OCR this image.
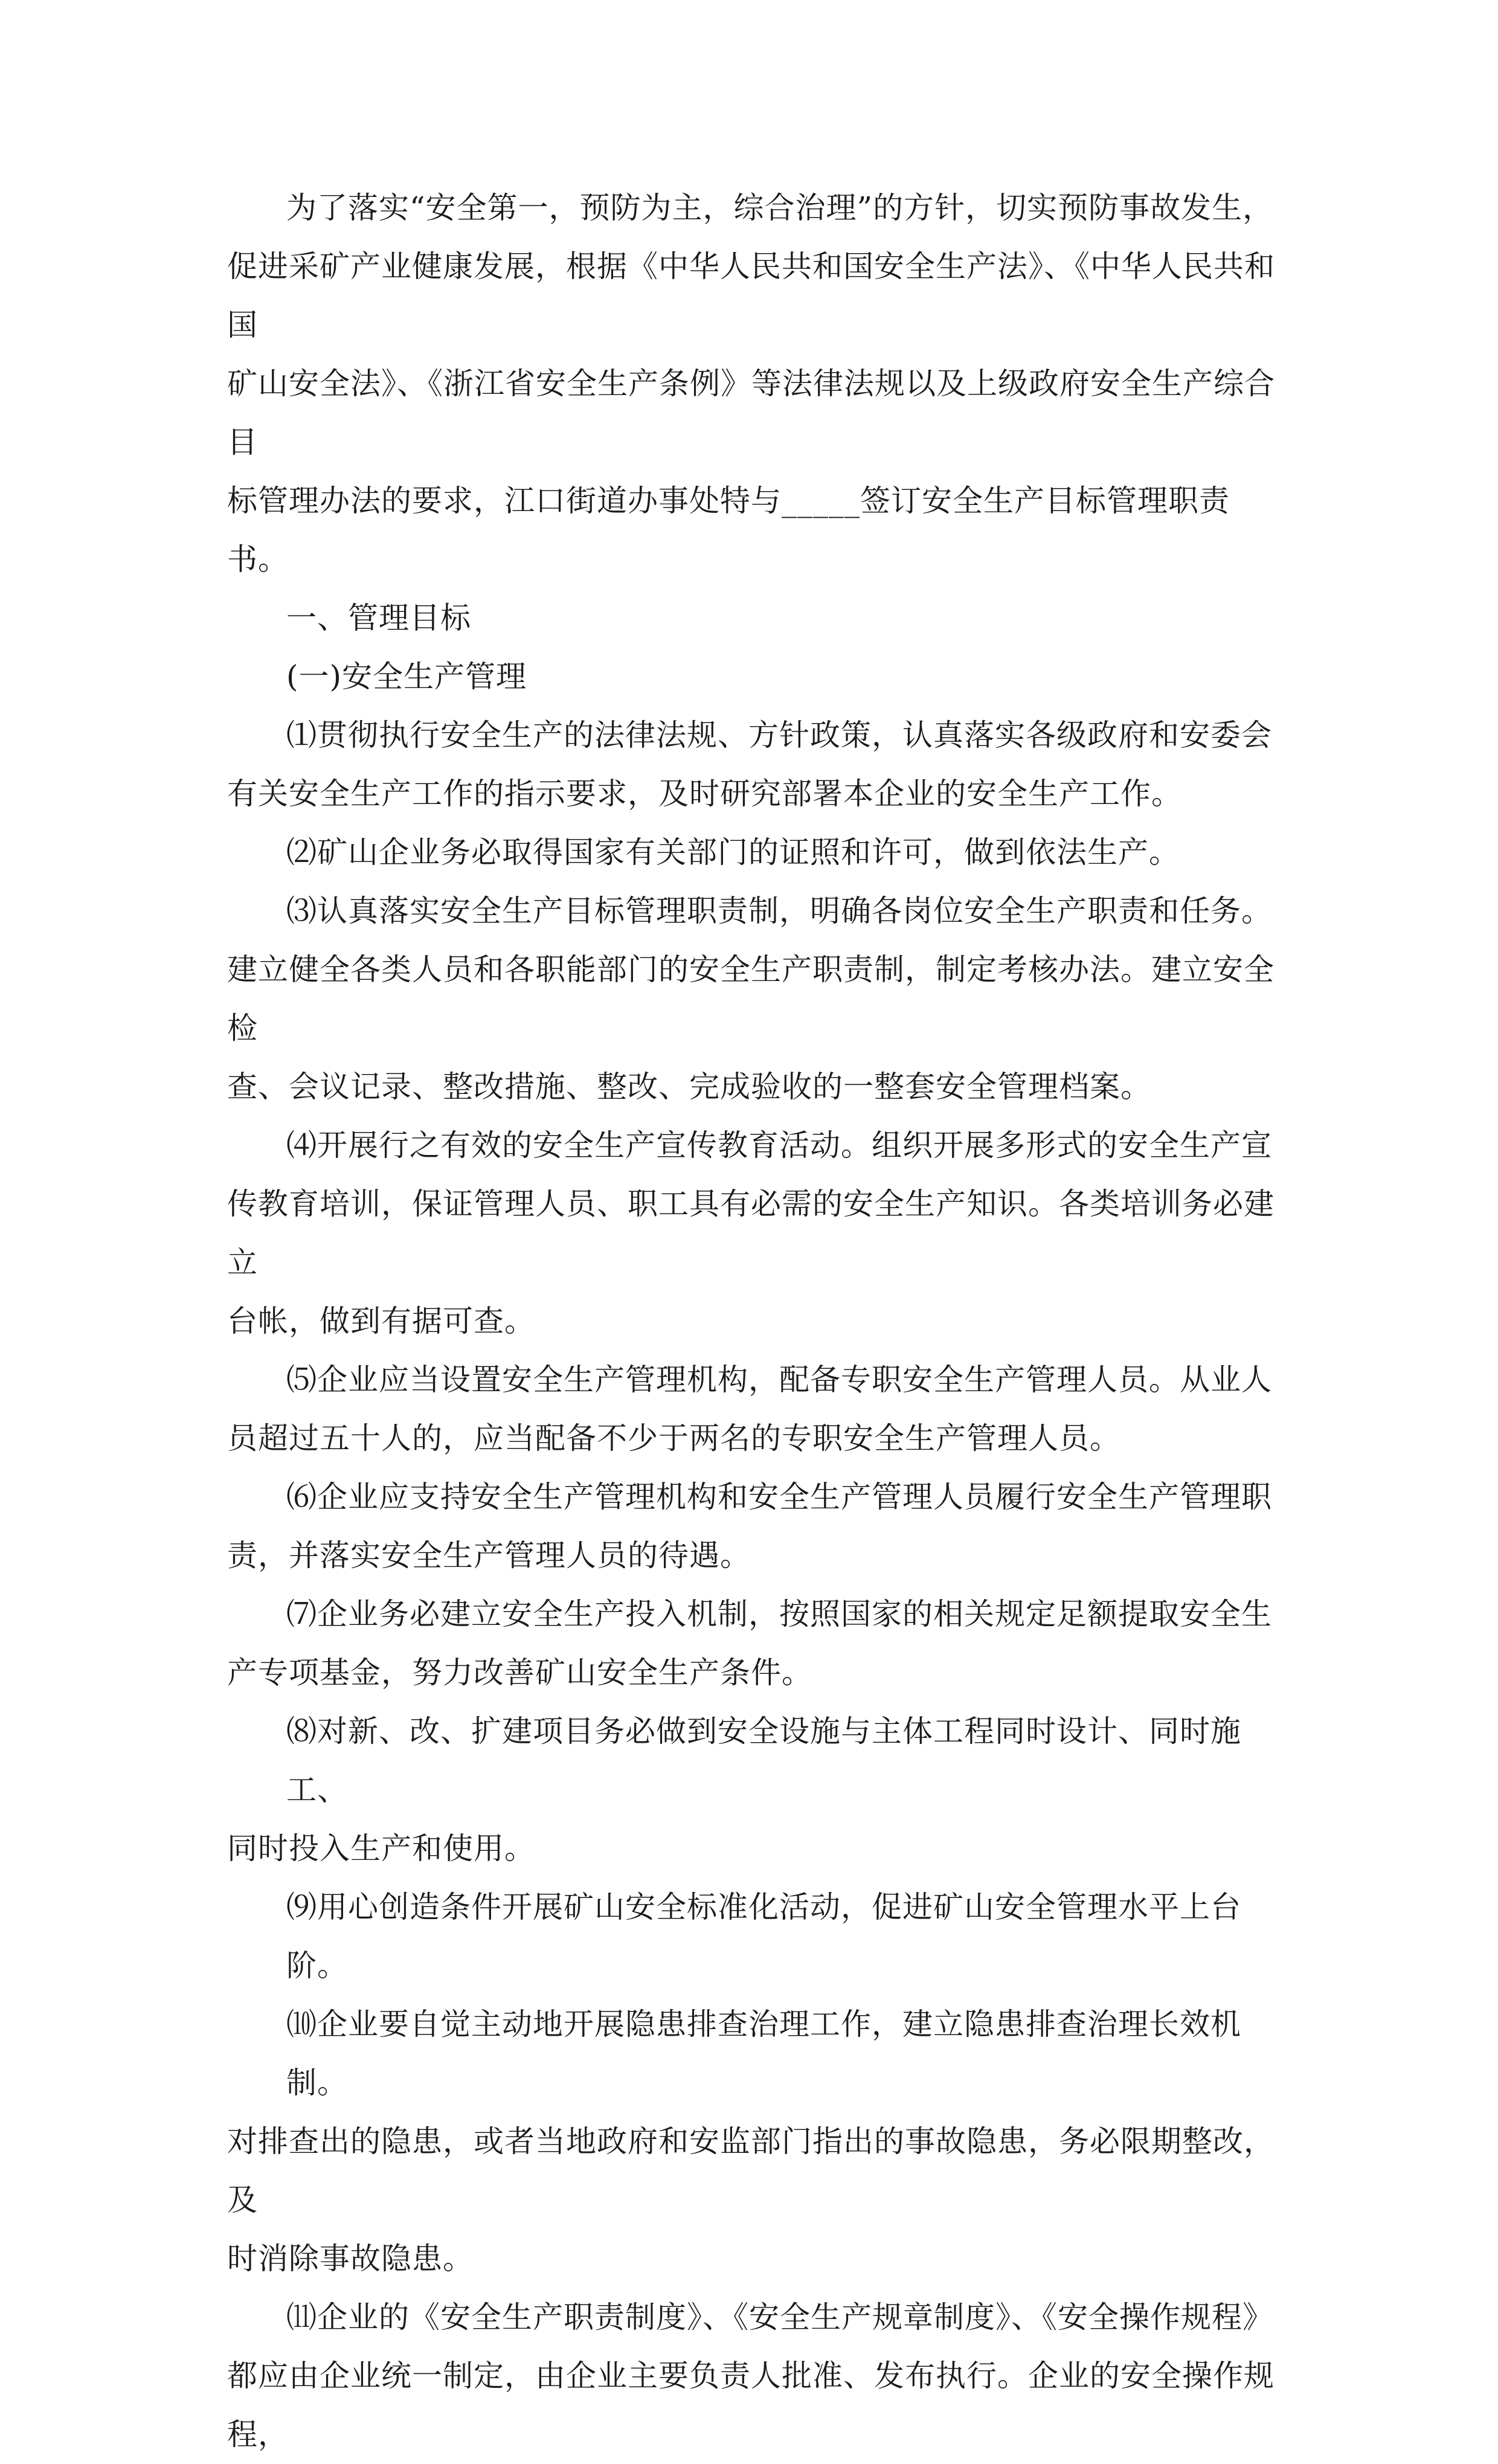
为了落实“安全第一，预防为主，综合治理”的方针，切实预防事故发生，

促进采矿产业健康发展，根据《中华人民共和国安全生产法》、《中华人民共和国

矿山安全法》、《浙江省安全生产条例》等法律法规以及上级政府安全生产综合目

标管理办法的要求，江口街道办事处特与_____签订安全生产目标管理职责书。

一、管理目标

(一)安全生产管理

⑴贯彻执行安全生产的法律法规、方针政策，认真落实各级政府和安委会

有关安全生产工作的指示要求，及时研究部署本企业的安全生产工作。

⑵矿山企业务必取得国家有关部门的证照和许可，做到依法生产。

⑶认真落实安全生产目标管理职责制，明确各岗位安全生产职责和任务。

建立健全各类人员和各职能部门的安全生产职责制，制定考核办法。建立安全检

查、会议记录、整改措施、整改、完成验收的一整套安全管理档案。

⑷开展行之有效的安全生产宣传教育活动。组织开展多形式的安全生产宣

传教育培训，保证管理人员、职工具有必需的安全生产知识。各类培训务必建立

台帐，做到有据可查。

⑸企业应当设置安全生产管理机构，配备专职安全生产管理人员。从业人

员超过五十人的，应当配备不少于两名的专职安全生产管理人员。

⑹企业应支持安全生产管理机构和安全生产管理人员履行安全生产管理职

责，并落实安全生产管理人员的待遇。

⑺企业务必建立安全生产投入机制，按照国家的相关规定足额提取安全生

产专项基金，努力改善矿山安全生产条件。

⑻对新、改、扩建项目务必做到安全设施与主体工程同时设计、同时施工、

同时投入生产和使用。

⑼用心创造条件开展矿山安全标准化活动，促进矿山安全管理水平上台阶。

⑽企业要自觉主动地开展隐患排查治理工作，建立隐患排查治理长效机制。

对排查出的隐患，或者当地政府和安监部门指出的事故隐患，务必限期整改，及

时消除事故隐患。

⑾企业的《安全生产职责制度》、《安全生产规章制度》、《安全操作规程》

都应由企业统一制定，由企业主要负责人批准、发布执行。企业的安全操作规程，
